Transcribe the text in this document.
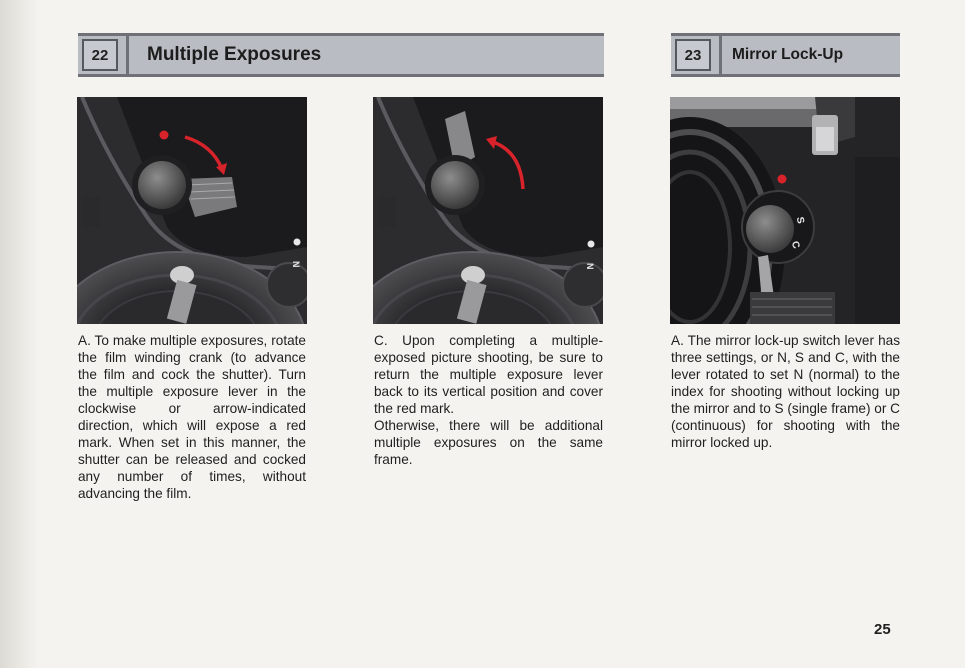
22	Multiple Exposures	23	Mirror Lock-Up
N	N
S
C

A. To make multiple exposures, rotate the film winding crank (to advance the film and cock the shutter). Turn the multiple exposure lever in the clockwise or arrow-indicated direction, which will expose a red mark. When set in this manner, the shutter can be released and cocked any number of times, without advancing the film.

C. Upon completing a multiple-exposed picture shooting, be sure to return the multiple exposure lever back to its vertical position and cover the red mark.

Otherwise, there will be additional multiple exposures on the same frame.

A. The mirror lock-up switch lever has three settings, or N, S and C, with the lever rotated to set N (normal) to the index for shooting without locking up the mirror and to S (single frame) or C (continuous) for shooting with the mirror locked up.

25
